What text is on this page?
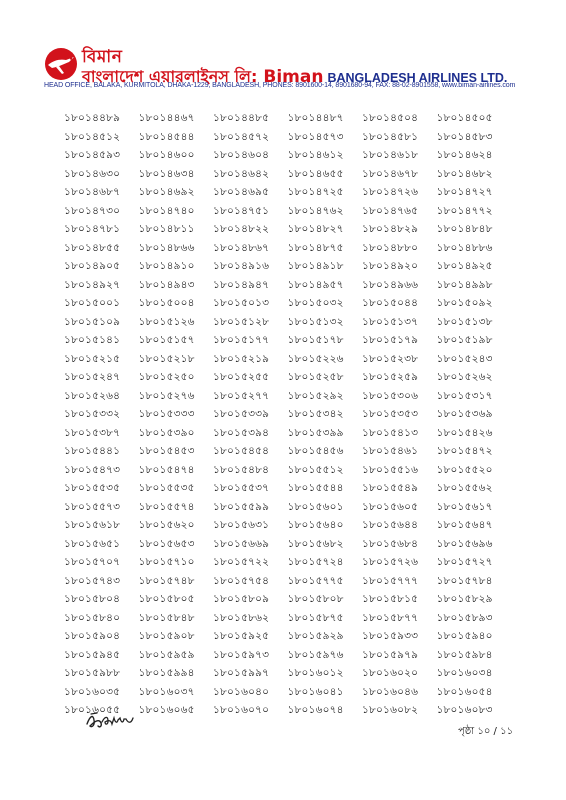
বিমান
বাংলাদেশ এয়ারলাইনস লি: Biman BANGLADESH AIRLINES LTD.
HEAD OFFICE, BALAKA, KURMITOLA, DHAKA-1229, BANGLADESH, PHONES: 8901600-14, 8901680-94, FAX: 88-02-8901558, www.biman-airlines.com
১৮০১৪৪৮৯	১৮০১৪৪৬৭	১৮০১৪৪৮৫	১৮০১৪৪৮৭	১৮০১৪৫০৪	১৮০১৪৫০৫
১৮০১৪৫১২	১৮০১৪৫৪৪	১৮০১৪৫৭২	১৮০১৪৫৭৩	১৮০১৪৫৮১	১৮০১৪৫৮৩
১৮০১৪৫৯৩	১৮০১৪৬০০	১৮০১৪৬০৪	১৮০১৪৬১২	১৮০১৪৬১৮	১৮০১৪৬২৪
১৮০১৪৬৩০	১৮০১৪৬৩৪	১৮০১৪৬৪২	১৮০১৪৬৫৫	১৮০১৪৬৭৮	১৮০১৪৬৮২
১৮০১৪৬৮৭	১৮০১৪৬৯২	১৮০১৪৬৯৫	১৮০১৪৭২৫	১৮০১৪৭২৬	১৮০১৪৭২৭
১৮০১৪৭৩০	১৮০১৪৭৪০	১৮০১৪৭৫১	১৮০১৪৭৬২	১৮০১৪৭৬৫	১৮০১৪৭৭২
১৮০১৪৭৮১	১৮০১৪৮১১	১৮০১৪৮২২	১৮০১৪৮২৭	১৮০১৪৮২৯	১৮০১৪৮৪৮
১৮০১৪৮৫৫	১৮০১৪৮৬৬	১৮০১৪৮৬৭	১৮০১৪৮৭৫	১৮০১৪৮৮০	১৮০১৪৮৮৬
১৮০১৪৯০৫	১৮০১৪৯১০	১৮০১৪৯১৬	১৮০১৪৯১৮	১৮০১৪৯২০	১৮০১৪৯২৫
১৮০১৪৯২৭	১৮০১৪৯৪৩	১৮০১৪৯৪৭	১৮০১৪৯৫৭	১৮০১৪৯৬৬	১৮০১৪৯৯৮
১৮০১৫০০১	১৮০১৫০০৪	১৮০১৫০১৩	১৮০১৫০৩২	১৮০১৫০৪৪	১৮০১৫০৯২
১৮০১৫১০৯	১৮০১৫১২৬	১৮০১৫১২৮	১৮০১৫১৩২	১৮০১৫১৩৭	১৮০১৫১৩৮
১৮০১৫১৪১	১৮০১৫১৫৭	১৮০১৫১৭৭	১৮০১৫১৭৮	১৮০১৫১৭৯	১৮০১৫১৯৮
১৮০১৫২১৫	১৮০১৫২১৮	১৮০১৫২১৯	১৮০১৫২২৬	১৮০১৫২৩৮	১৮০১৫২৪৩
১৮০১৫২৪৭	১৮০১৫২৫০	১৮০১৫২৫৫	১৮০১৫২৫৮	১৮০১৫২৫৯	১৮০১৫২৬২
১৮০১৫২৬৪	১৮০১৫২৭৬	১৮০১৫২৭৭	১৮০১৫২৯২	১৮০১৫৩০৬	১৮০১৫৩১৭
১৮০১৫৩৩২	১৮০১৫৩৩৩	১৮০১৫৩৩৯	১৮০১৫৩৪২	১৮০১৫৩৫৩	১৮০১৫৩৬৯
১৮০১৫৩৮৭	১৮০১৫৩৯০	১৮০১৫৩৯৪	১৮০১৫৩৯৯	১৮০১৫৪১৩	১৮০১৫৪২৬
১৮০১৫৪৪১	১৮০১৫৪৫৩	১৮০১৫৪৫৪	১৮০১৫৪৫৬	১৮০১৫৪৬১	১৮০১৫৪৭২
১৮০১৫৪৭৩	১৮০১৫৪৭৪	১৮০১৫৪৮৪	১৮০১৫৫১২	১৮০১৫৫১৬	১৮০১৫৫২০
১৮০১৫৫৩৫	১৮০১৫৫৩৫	১৮০১৫৫৩৭	১৮০১৫৫৪৪	১৮০১৫৫৪৯	১৮০১৫৫৬২
১৮০১৫৫৭৩	১৮০১৫৫৭৪	১৮০১৫৫৯৯	১৮০১৫৬০১	১৮০১৫৬০৫	১৮০১৫৬১৭
১৮০১৫৬১৮	১৮০১৫৬২০	১৮০১৫৬৩১	১৮০১৫৬৪০	১৮০১৫৬৪৪	১৮০১৫৬৪৭
১৮০১৫৬৫১	১৮০১৫৬৫৩	১৮০১৫৬৬৯	১৮০১৫৬৮২	১৮০১৫৬৮৪	১৮০১৫৬৯৬
১৮০১৫৭০৭	১৮০১৫৭১০	১৮০১৫৭২২	১৮০১৫৭২৪	১৮০১৫৭২৬	১৮০১৫৭২৭
১৮০১৫৭৪৩	১৮০১৫৭৪৮	১৮০১৫৭৫৪	১৮০১৫৭৭৫	১৮০১৫৭৭৭	১৮০১৫৭৮৪
১৮০১৫৮০৪	১৮০১৫৮০৫	১৮০১৫৮০৯	১৮০১৫৮০৮	১৮০১৫৮১৫	১৮০১৫৮২৯
১৮০১৫৮৪০	১৮০১৫৮৪৮	১৮০১৫৮৬২	১৮০১৫৮৭৫	১৮০১৫৮৭৭	১৮০১৫৮৯৩
১৮০১৫৯০৪	১৮০১৫৯০৮	১৮০১৫৯২৫	১৮০১৫৯২৯	১৮০১৫৯৩৩	১৮০১৫৯৪০
১৮০১৫৯৪৫	১৮০১৫৯৫৯	১৮০১৫৯৭৩	১৮০১৫৯৭৬	১৮০১৫৯৭৯	১৮০১৫৯৮৪
১৮০১৫৯৮৮	১৮০১৫৯৯৪	১৮০১৫৯৯৭	১৮০১৬০১২	১৮০১৬০২০	১৮০১৬০৩৪
১৮০১৬০৩৫	১৮০১৬০৩৭	১৮০১৬০৪০	১৮০১৬০৪১	১৮০১৬০৪৬	১৮০১৬০৫৪
১৮০১৬০৫৫	১৮০১৬০৬৫	১৮০১৬০৭০	১৮০১৬০৭৪	১৮০১৬০৮২	১৮০১৬০৮৩
পৃষ্ঠা ১০ / ১১
